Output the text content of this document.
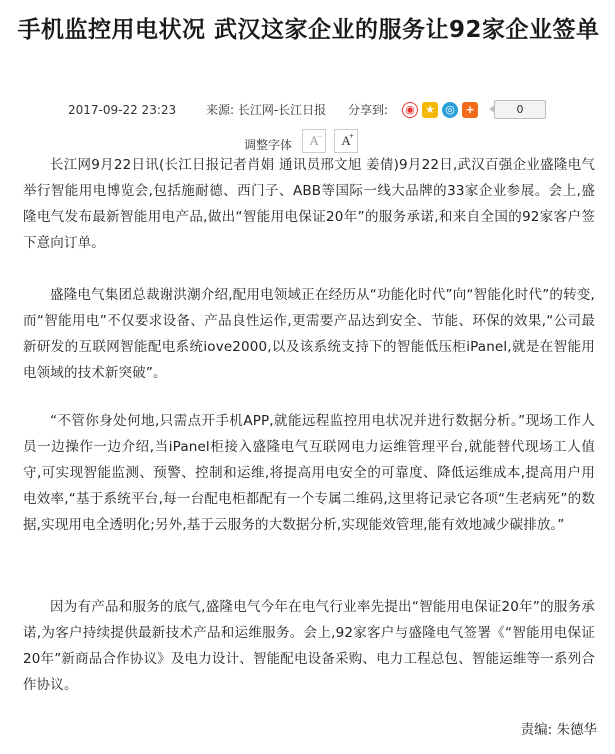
手机监控用电状况 武汉这家企业的服务让92家企业签单
2017-09-22 23:23 来源: 长江网-长江日报 分享到: ◉ ★ ◎ +	0
调整字体 A
− A
+

长江网9月22日讯(长江日报记者肖娟 通讯员邢文旭 姜倩)9月22日,武汉百强企业盛隆电气举行智能用电博览会,包括施耐德、西门子、ABB等国际一线大品牌的33家企业参展。会上,盛隆电气发布最新智能用电产品,做出“智能用电保证20年”的服务承诺,和来自全国的92家客户签下意向订单。

盛隆电气集团总裁谢洪潮介绍,配用电领域正在经历从“功能化时代”向“智能化时代”的转变,而“智能用电”不仅要求设备、产品良性运作,更需要产品达到安全、节能、环保的效果,“公司最新研发的互联网智能配电系统iove2000,以及该系统支持下的智能低压柜iPanel,就是在智能用电领域的技术新突破”。

“不管你身处何地,只需点开手机APP,就能远程监控用电状况并进行数据分析。”现场工作人员一边操作一边介绍,当iPanel柜接入盛隆电气互联网电力运维管理平台,就能替代现场工人值守,可实现智能监测、预警、控制和运维,将提高用电安全的可靠度、降低运维成本,提高用户用电效率,“基于系统平台,每一台配电柜都配有一个专属二维码,这里将记录它各项“生老病死”的数据,实现用电全透明化;另外,基于云服务的大数据分析,实现能效管理,能有效地减少碳排放。”

因为有产品和服务的底气,盛隆电气今年在电气行业率先提出“智能用电保证20年”的服务承诺,为客户持续提供最新技术产品和运维服务。会上,92家客户与盛隆电气签署《“智能用电保证20年”新商品合作协议》及电力设计、智能配电设备采购、电力工程总包、智能运维等一系列合作协议。

责编: 朱德华
